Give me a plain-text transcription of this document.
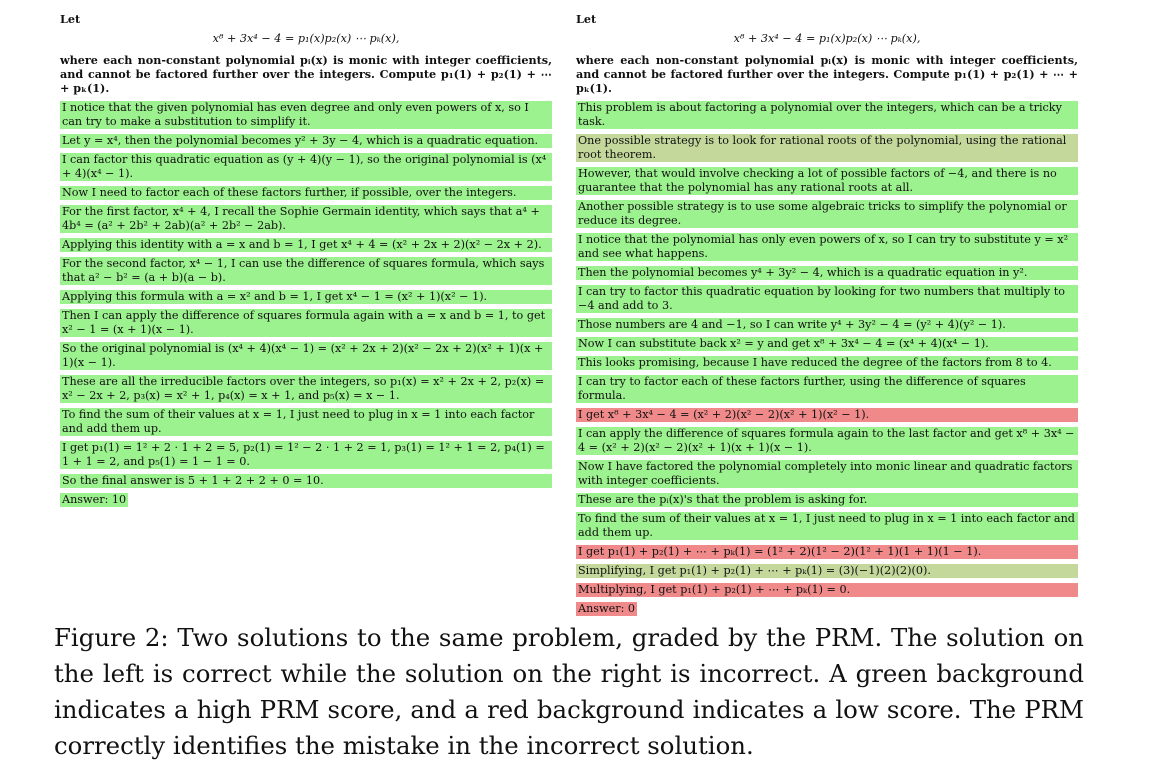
Let
x⁸ + 3x⁴ − 4 = p₁(x)p₂(x) ⋯ pₖ(x),
where each non-constant polynomial pᵢ(x) is monic with integer coefficients, and cannot be factored further over the integers. Compute p₁(1) + p₂(1) + ⋯ + pₖ(1).
I notice that the given polynomial has even degree and only even powers of x, so I can try to make a substitution to simplify it.
Let y = x⁴, then the polynomial becomes y² + 3y − 4, which is a quadratic equation.
I can factor this quadratic equation as (y + 4)(y − 1), so the original polynomial is (x⁴ + 4)(x⁴ − 1).
Now I need to factor each of these factors further, if possible, over the integers.
For the first factor, x⁴ + 4, I recall the Sophie Germain identity, which says that a⁴ + 4b⁴ = (a² + 2b² + 2ab)(a² + 2b² − 2ab).
Applying this identity with a = x and b = 1, I get x⁴ + 4 = (x² + 2x + 2)(x² − 2x + 2).
For the second factor, x⁴ − 1, I can use the difference of squares formula, which says that a² − b² = (a + b)(a − b).
Applying this formula with a = x² and b = 1, I get x⁴ − 1 = (x² + 1)(x² − 1).
Then I can apply the difference of squares formula again with a = x and b = 1, to get x² − 1 = (x + 1)(x − 1).
So the original polynomial is (x⁴ + 4)(x⁴ − 1) = (x² + 2x + 2)(x² − 2x + 2)(x² + 1)(x + 1)(x − 1).
These are all the irreducible factors over the integers, so p₁(x) = x² + 2x + 2, p₂(x) = x² − 2x + 2, p₃(x) = x² + 1, p₄(x) = x + 1, and p₅(x) = x − 1.
To find the sum of their values at x = 1, I just need to plug in x = 1 into each factor and add them up.
I get p₁(1) = 1² + 2 · 1 + 2 = 5, p₂(1) = 1² − 2 · 1 + 2 = 1, p₃(1) = 1² + 1 = 2, p₄(1) = 1 + 1 = 2, and p₅(1) = 1 − 1 = 0.
So the final answer is 5 + 1 + 2 + 2 + 0 = 10.
Answer: 10
Let
x⁸ + 3x⁴ − 4 = p₁(x)p₂(x) ⋯ pₖ(x),
where each non-constant polynomial pᵢ(x) is monic with integer coefficients, and cannot be factored further over the integers. Compute p₁(1) + p₂(1) + ⋯ + pₖ(1).
This problem is about factoring a polynomial over the integers, which can be a tricky task.
One possible strategy is to look for rational roots of the polynomial, using the rational root theorem.
However, that would involve checking a lot of possible factors of −4, and there is no guarantee that the polynomial has any rational roots at all.
Another possible strategy is to use some algebraic tricks to simplify the polynomial or reduce its degree.
I notice that the polynomial has only even powers of x, so I can try to substitute y = x² and see what happens.
Then the polynomial becomes y⁴ + 3y² − 4, which is a quadratic equation in y².
I can try to factor this quadratic equation by looking for two numbers that multiply to −4 and add to 3.
Those numbers are 4 and −1, so I can write y⁴ + 3y² − 4 = (y² + 4)(y² − 1).
Now I can substitute back x² = y and get x⁸ + 3x⁴ − 4 = (x⁴ + 4)(x⁴ − 1).
This looks promising, because I have reduced the degree of the factors from 8 to 4.
I can try to factor each of these factors further, using the difference of squares formula.
I get x⁸ + 3x⁴ − 4 = (x² + 2)(x² − 2)(x² + 1)(x² − 1).
I can apply the difference of squares formula again to the last factor and get x⁸ + 3x⁴ − 4 = (x² + 2)(x² − 2)(x² + 1)(x + 1)(x − 1).
Now I have factored the polynomial completely into monic linear and quadratic factors with integer coefficients.
These are the pᵢ(x)'s that the problem is asking for.
To find the sum of their values at x = 1, I just need to plug in x = 1 into each factor and add them up.
I get p₁(1) + p₂(1) + ⋯ + pₖ(1) = (1² + 2)(1² − 2)(1² + 1)(1 + 1)(1 − 1).
Simplifying, I get p₁(1) + p₂(1) + ⋯ + pₖ(1) = (3)(−1)(2)(2)(0).
Multiplying, I get p₁(1) + p₂(1) + ⋯ + pₖ(1) = 0.
Answer: 0

Figure 2: Two solutions to the same problem, graded by the PRM. The solution on the left is correct while the solution on the right is incorrect. A green background indicates a high PRM score, and a red background indicates a low score. The PRM correctly identifies the mistake in the incorrect solution.
